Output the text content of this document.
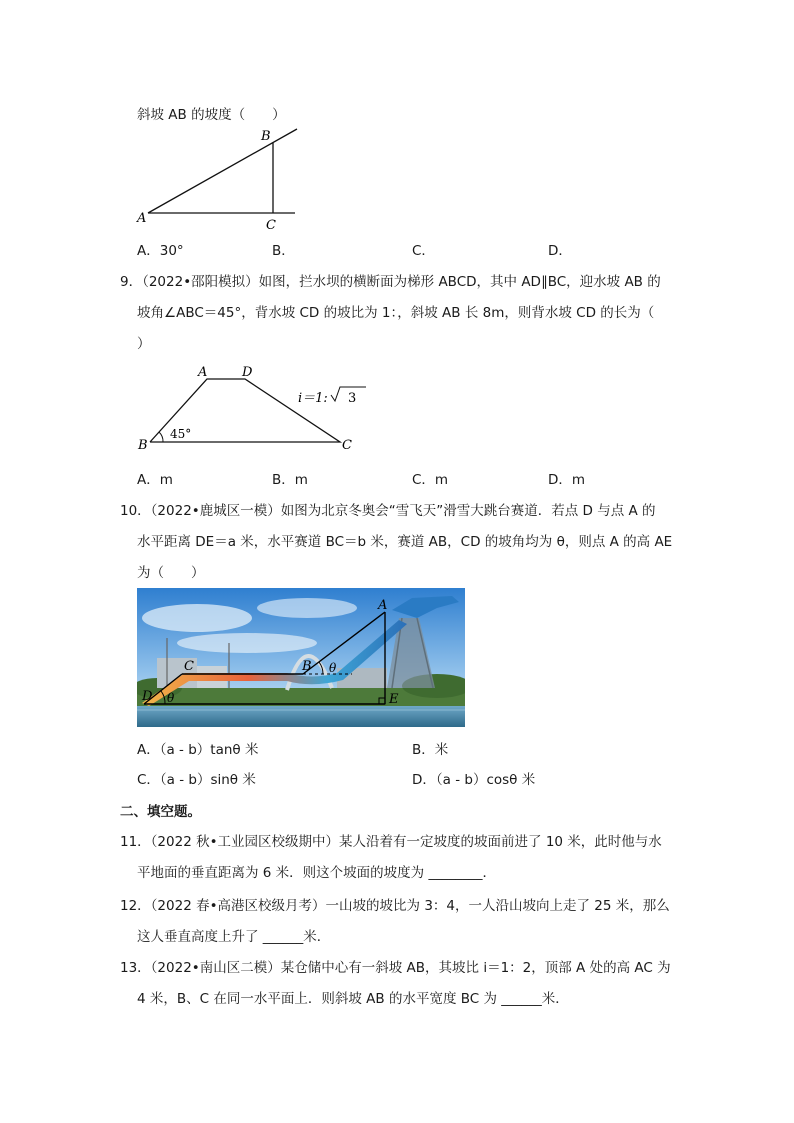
斜坡 AB 的坡度（　　）
A
B
C
A．30°	B．	C．	D．
9．（2022•邵阳模拟）如图，拦水坝的横断面为梯形 ABCD，其中 AD∥BC，迎水坡 AB 的
坡角∠ABC＝45°，背水坡 CD 的坡比为 1：，斜坡 AB 长 8m，则背水坡 CD 的长为（
）
A	D
B	C
45°
i＝1: 3
A．m	B．m	C．m	D．m
10．（2022•鹿城区一模）如图为北京冬奥会“雪飞天”滑雪大跳台赛道．若点 D 与点 A 的
水平距离 DE＝a 米，水平赛道 BC＝b 米，赛道 AB，CD 的坡角均为 θ，则点 A 的高 AE
为（　　）
A
B
C
D	E
θ
θ
A．（a - b）tanθ 米	B．米
C．（a - b）sinθ 米	D．（a - b）cosθ 米
二、填空题。
11．（2022 秋•工业园区校级期中）某人沿着有一定坡度的坡面前进了 10 米，此时他与水
平地面的垂直距离为 6 米．则这个坡面的坡度为 ________．
12．（2022 春•高港区校级月考）一山坡的坡比为 3：4，一人沿山坡向上走了 25 米，那么
这人垂直高度上升了 ______米．
13．（2022•南山区二模）某仓储中心有一斜坡 AB，其坡比 i＝1：2，顶部 A 处的高 AC 为
4 米，B、C 在同一水平面上．则斜坡 AB 的水平宽度 BC 为 ______米．
